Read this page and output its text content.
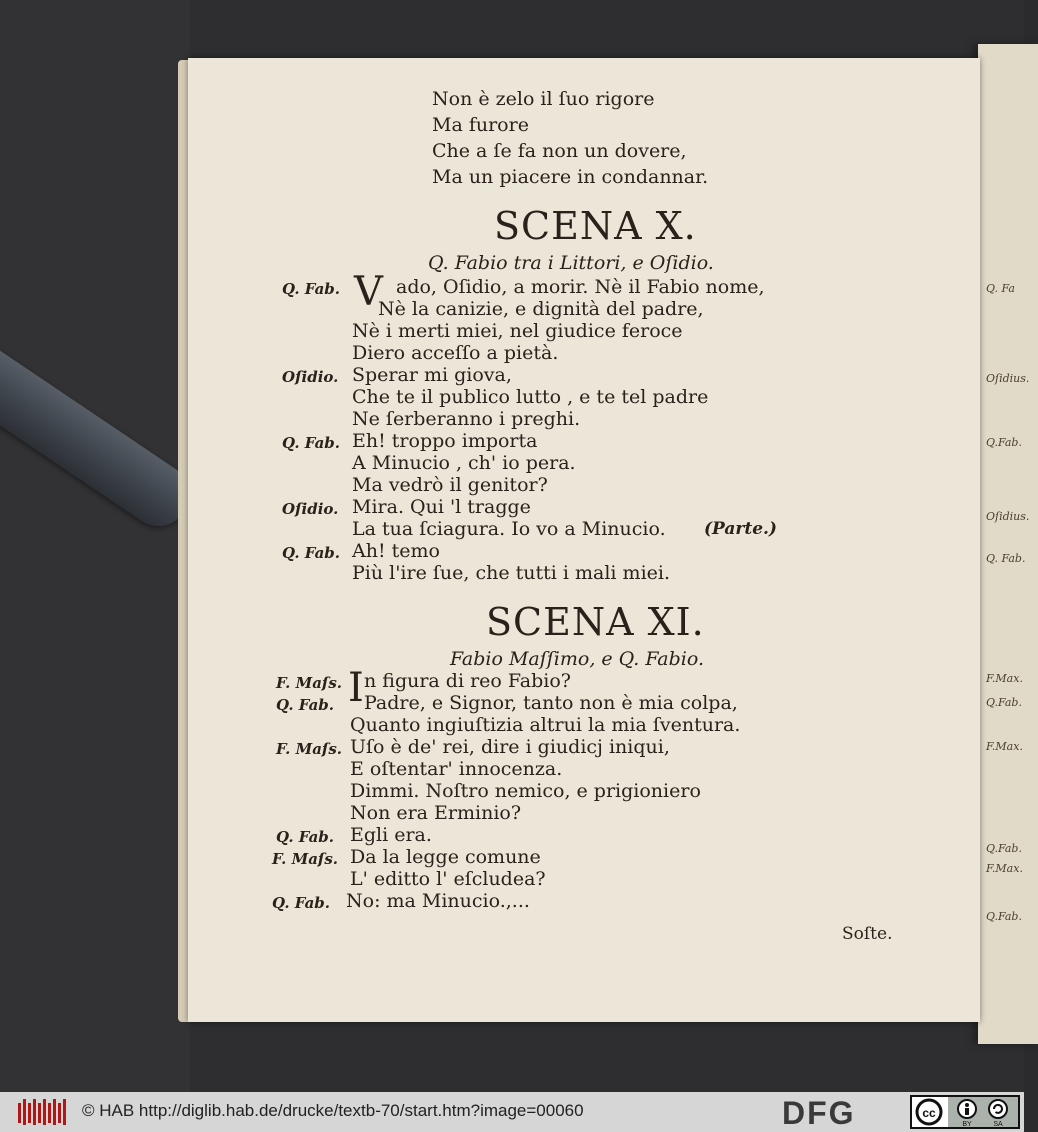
Q. Fa
Oſidius.
Q.Fab.
Oſidius.
Q. Fab.
F.Max.
Q.Fab.
F.Max.
Q.Fab.
F.Max.
Q.Fab.
Non è zelo il ſuo rigore
Ma furore
Che a ſe fa non un dovere,
Ma un piacere in condannar.
SCENA X.
Q. Fabio tra i Littori, e Oſidio.
Q. Fab. V ado, Oſidio, a morir. Nè il Fabio nome,
Nè la canizie, e dignità del padre,
Nè i merti miei, nel giudice feroce
Diero acceſſo a pietà.
Oſidio. Sperar mi giova,
Che te il publico lutto , e te tel padre
Ne ſerberanno i preghi.
Q. Fab. Eh! troppo importa
A Minucio , ch' io pera.
Ma vedrò il genitor?
Oſidio. Mira. Qui 'l tragge
La tua ſciagura. Io vo a Minucio. (Parte.)
Q. Fab. Ah! temo
Più l'ire ſue, che tutti i mali miei.
SCENA XI.
Fabio Maſſimo, e Q. Fabio.
F. Maſs. I n figura di reo Fabio?
Q. Fab. Padre, e Signor, tanto non è mia colpa,
Quanto ingiuſtizia altrui la mia ſventura.
F. Maſs. Uſo è de' rei, dire i giudicj iniqui,
E oſtentar' innocenza.
Dimmi. Noſtro nemico, e prigioniero
Non era Erminio?
Q. Fab. Egli era.
F. Maſs. Da la legge comune
L' editto l' eſcludea?
Q. Fab. No: ma Minucio.,...
Soſte.
© HAB http://diglib.hab.de/drucke/textb-70/start.htm?image=00060	DFG	cc
BY	SA
